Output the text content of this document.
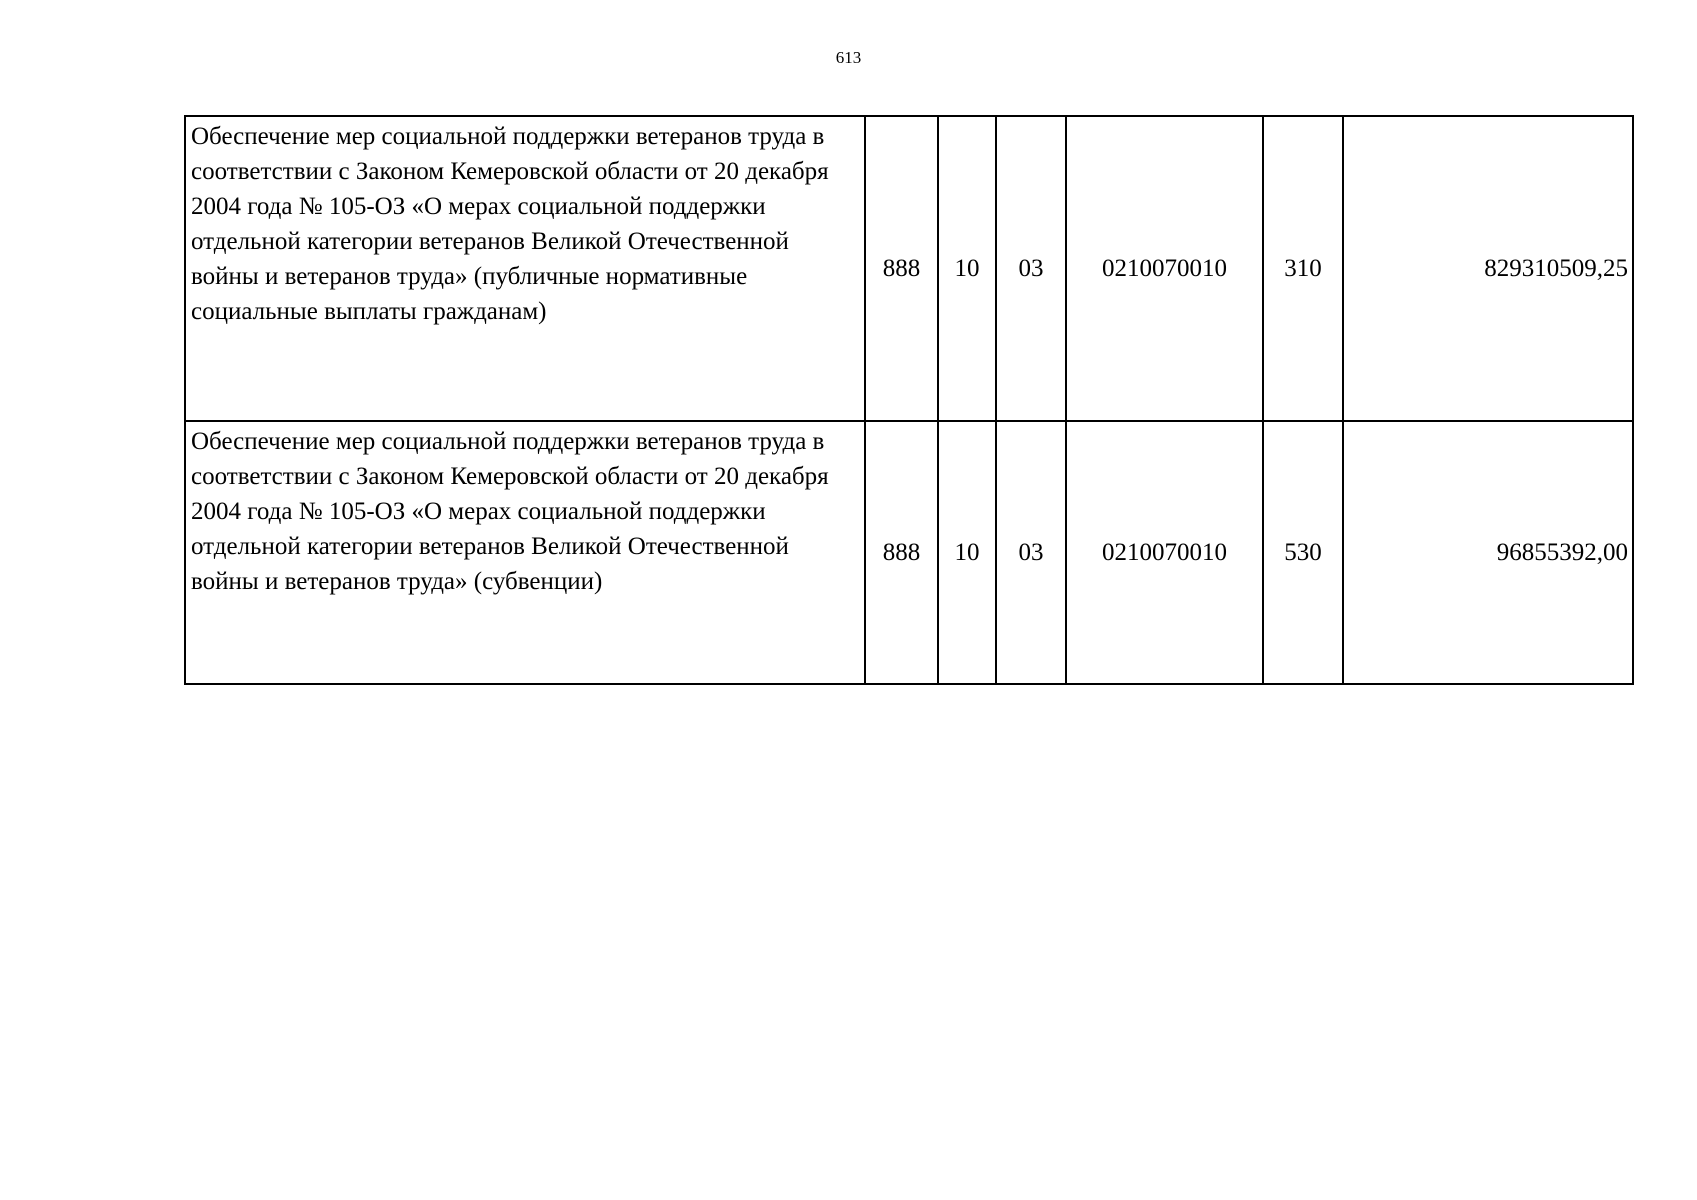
613
Обеспечение мер социальной поддержки ветеранов труда в соответствии с Законом Кемеровской области от 20 декабря 2004 года № 105-ОЗ «О мерах социальной поддержки отдельной категории ветеранов Великой Отечественной войны и ветеранов труда» (публичные нормативные социальные выплаты гражданам)	888	10	03	0210070010	310	829310509,25
Обеспечение мер социальной поддержки ветеранов труда в соответствии с Законом Кемеровской области от 20 декабря 2004 года № 105-ОЗ «О мерах социальной поддержки отдельной категории ветеранов Великой Отечественной войны и ветеранов труда» (субвенции)	888	10	03	0210070010	530	96855392,00
